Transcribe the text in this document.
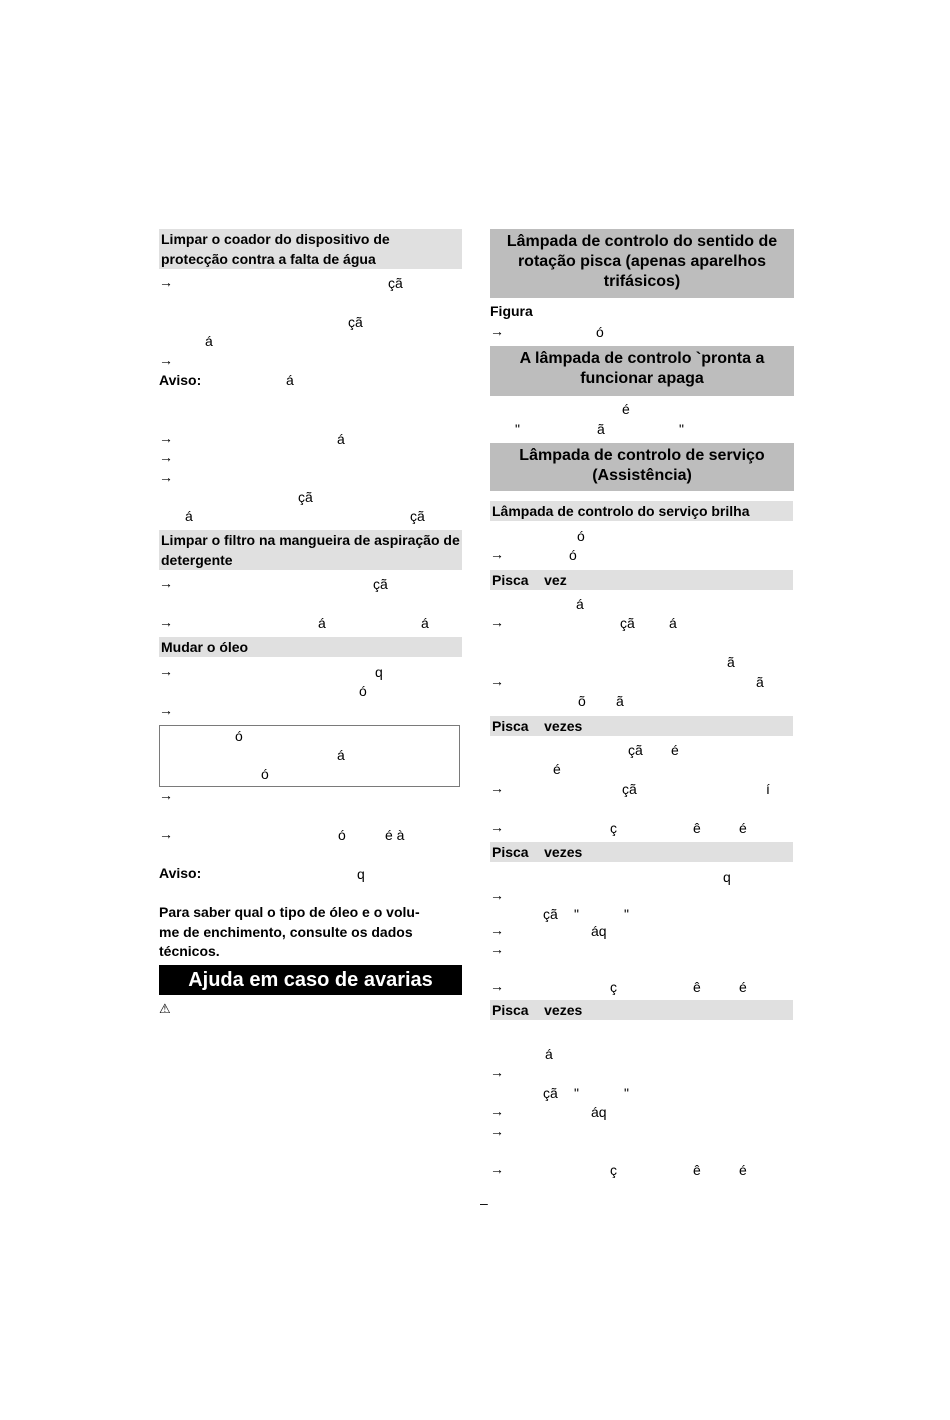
Limpar o coador do dispositivo de protecção contra a falta de água
→	çã
çã
á
→
Aviso:	á
→	á
→
→
çã
á	çã
Limpar o filtro na mangueira de aspiração de detergente
→	çã
→	á	á
Mudar o óleo
→	q
ó
→
ó
á
ó
→
→	ó	é à
Aviso:	q
Para saber qual o tipo de óleo e o volu-
me de enchimento, consulte os dados
técnicos.
Ajuda em caso de avarias
⚠
Lâmpada de controlo do sentido de rotação pisca (apenas aparelhos trifásicos)
Figura
→	ó
A lâmpada de controlo `pronta a funcionar apaga
é
"	ã	"
Lâmpada de controlo de serviço (Assistência)
Lâmpada de controlo do serviço brilha
ó
→	ó
Pisca    vez
á
→	çã á
ã
→	ã
õ ã
Pisca    vezes
çã é
é
→	çã	í
→	ç	ê	é
Pisca    vezes
q
→
çã "	"
→	áq
→
→	ç	ê	é
Pisca    vezes
á
→
çã "	"
→	áq
→
→	ç	ê	é
–
